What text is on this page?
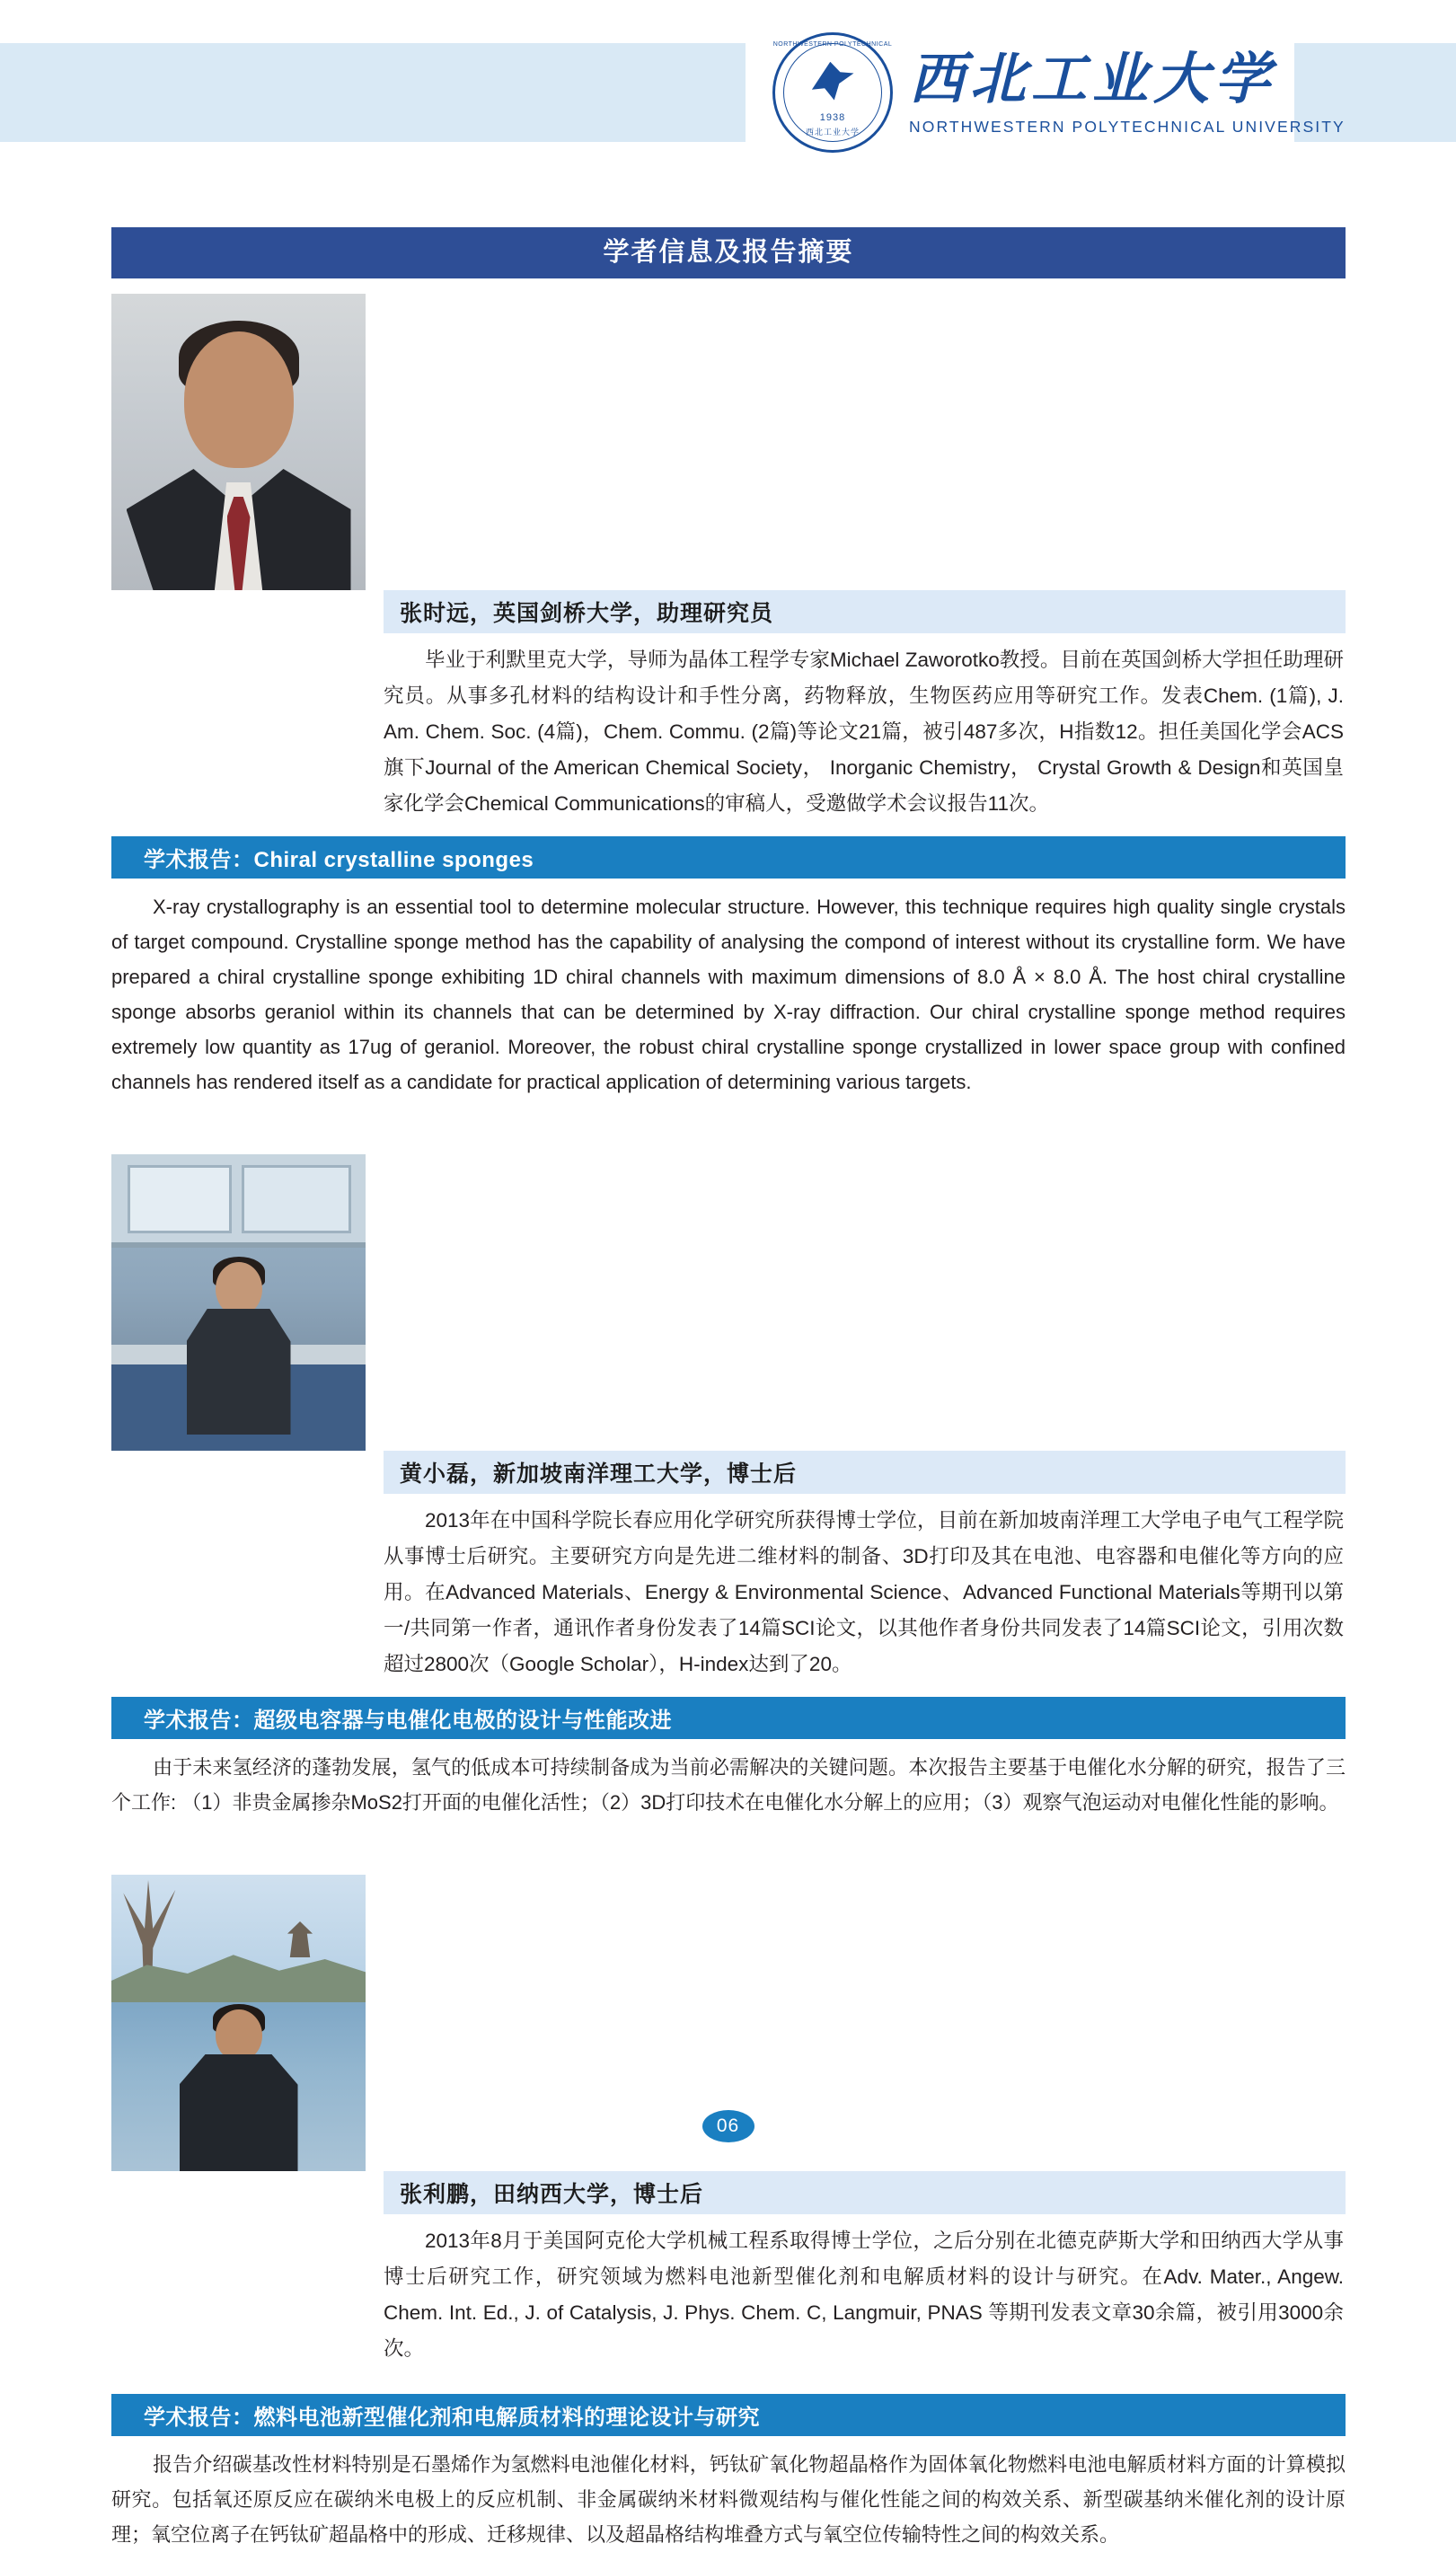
NORTHWESTERN POLYTECHNICAL
1938
西北工业大学
西北工业大学
NORTHWESTERN POLYTECHNICAL UNIVERSITY
学者信息及报告摘要
张时远，英国剑桥大学，助理研究员
毕业于利默里克大学，导师为晶体工程学专家Michael Zaworotko教授。目前在英国剑桥大学担任助理研究员。从事多孔材料的结构设计和手性分离，药物释放，生物医药应用等研究工作。发表Chem. (1篇), J. Am. Chem. Soc. (4篇)，Chem. Commu. (2篇)等论文21篇，被引487多次，H指数12。担任美国化学会ACS旗下Journal of the American Chemical Society， Inorganic Chemistry， Crystal Growth & Design和英国皇家化学会Chemical Communications的审稿人，受邀做学术会议报告11次。
学术报告：Chiral crystalline sponges
X-ray crystallography is an essential tool to determine molecular structure. However, this technique requires high quality single crystals of target compound. Crystalline sponge method has the capability of analysing the compond of interest without its crystalline form. We have prepared a chiral crystalline sponge exhibiting 1D chiral channels with maximum dimensions of 8.0 Å × 8.0 Å. The host chiral crystalline sponge absorbs geraniol within its channels that can be determined by X-ray diffraction. Our chiral crystalline sponge method requires extremely low quantity as 17ug of geraniol. Moreover, the robust chiral crystalline sponge crystallized in lower space group with confined channels has rendered itself as a candidate for practical application of determining various targets.
黄小磊，新加坡南洋理工大学，博士后
2013年在中国科学院长春应用化学研究所获得博士学位，目前在新加坡南洋理工大学电子电气工程学院从事博士后研究。主要研究方向是先进二维材料的制备、3D打印及其在电池、电容器和电催化等方向的应用。在Advanced Materials、Energy & Environmental Science、Advanced Functional Materials等期刊以第一/共同第一作者，通讯作者身份发表了14篇SCI论文，以其他作者身份共同发表了14篇SCI论文，引用次数超过2800次（Google Scholar），H-index达到了20。
学术报告：超级电容器与电催化电极的设计与性能改进
由于未来氢经济的蓬勃发展，氢气的低成本可持续制备成为当前必需解决的关键问题。本次报告主要基于电催化水分解的研究，报告了三个工作: （1）非贵金属掺杂MoS2打开面的电催化活性；（2）3D打印技术在电催化水分解上的应用；（3）观察气泡运动对电催化性能的影响。
张利鹏，田纳西大学，博士后
2013年8月于美国阿克伦大学机械工程系取得博士学位，之后分别在北德克萨斯大学和田纳西大学从事博士后研究工作，研究领域为燃料电池新型催化剂和电解质材料的设计与研究。在Adv. Mater., Angew. Chem. Int. Ed., J. of Catalysis, J. Phys. Chem. C, Langmuir, PNAS 等期刊发表文章30余篇，被引用3000余次。
学术报告：燃料电池新型催化剂和电解质材料的理论设计与研究
报告介绍碳基改性材料特别是石墨烯作为氢燃料电池催化材料，钙钛矿氧化物超晶格作为固体氧化物燃料电池电解质材料方面的计算模拟研究。包括氧还原反应在碳纳米电极上的反应机制、非金属碳纳米材料微观结构与催化性能之间的构效关系、新型碳基纳米催化剂的设计原理；氧空位离子在钙钛矿超晶格中的形成、迁移规律、以及超晶格结构堆叠方式与氧空位传输特性之间的构效关系。
06
